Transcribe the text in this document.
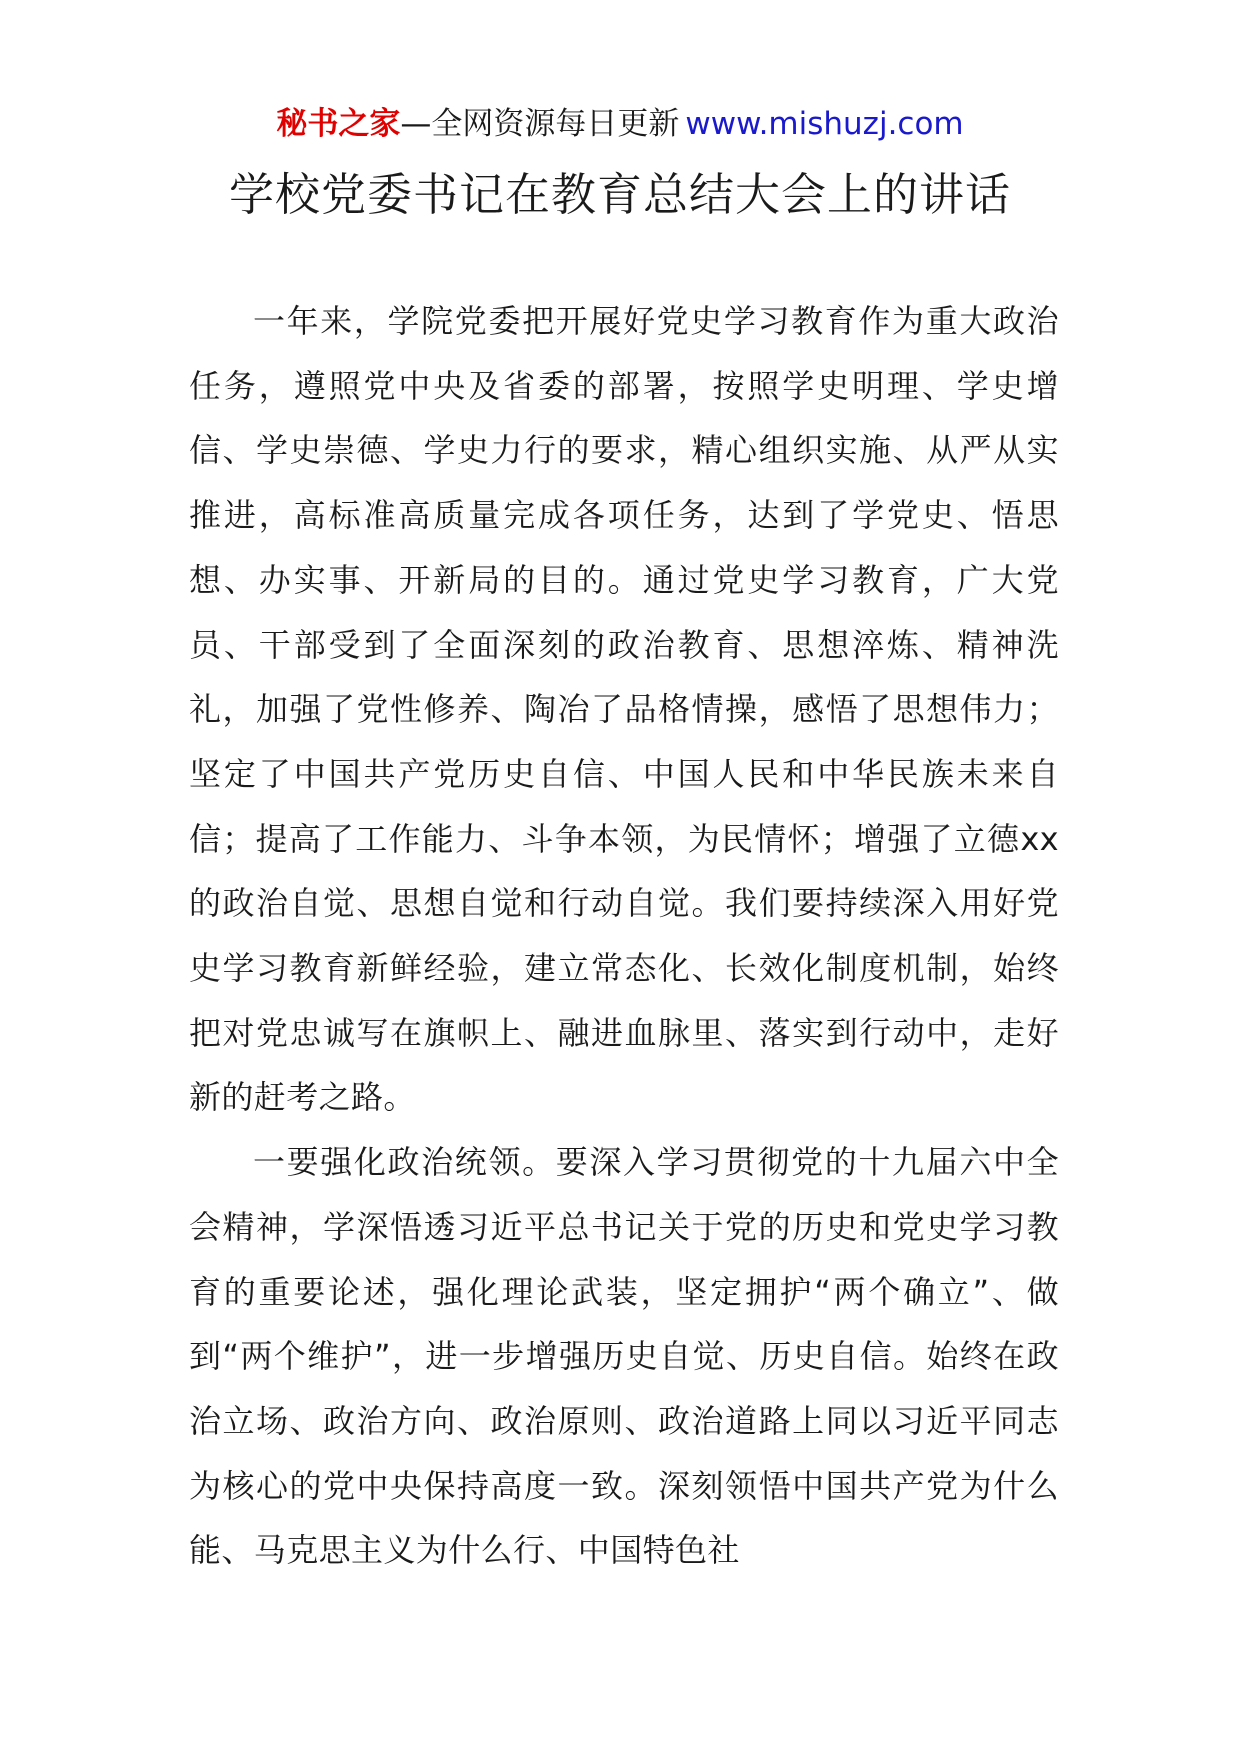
秘书之家—全网资源每日更新 www.mishuzj.com
学校党委书记在教育总结大会上的讲话

一年来，学院党委把开展好党史学习教育作为重大政治任务，遵照党中央及省委的部署，按照学史明理、学史增信、学史崇德、学史力行的要求，精心组织实施、从严从实推进，高标准高质量完成各项任务，达到了学党史、悟思想、办实事、开新局的目的。通过党史学习教育，广大党员、干部受到了全面深刻的政治教育、思想淬炼、精神洗礼，加强了党性修养、陶冶了品格情操，感悟了思想伟力；坚定了中国共产党历史自信、中国人民和中华民族未来自信；提高了工作能力、斗争本领，为民情怀；增强了立德xx的政治自觉、思想自觉和行动自觉。我们要持续深入用好党史学习教育新鲜经验，建立常态化、长效化制度机制，始终把对党忠诚写在旗帜上、融进血脉里、落实到行动中，走好新的赶考之路。

一要强化政治统领。要深入学习贯彻党的十九届六中全会精神，学深悟透习近平总书记关于党的历史和党史学习教育的重要论述，强化理论武装，坚定拥护“两个确立”、做到“两个维护”，进一步增强历史自觉、历史自信。始终在政治立场、政治方向、政治原则、政治道路上同以习近平同志为核心的党中央保持高度一致。深刻领悟中国共产党为什么能、马克思主义为什么行、中国特色社
